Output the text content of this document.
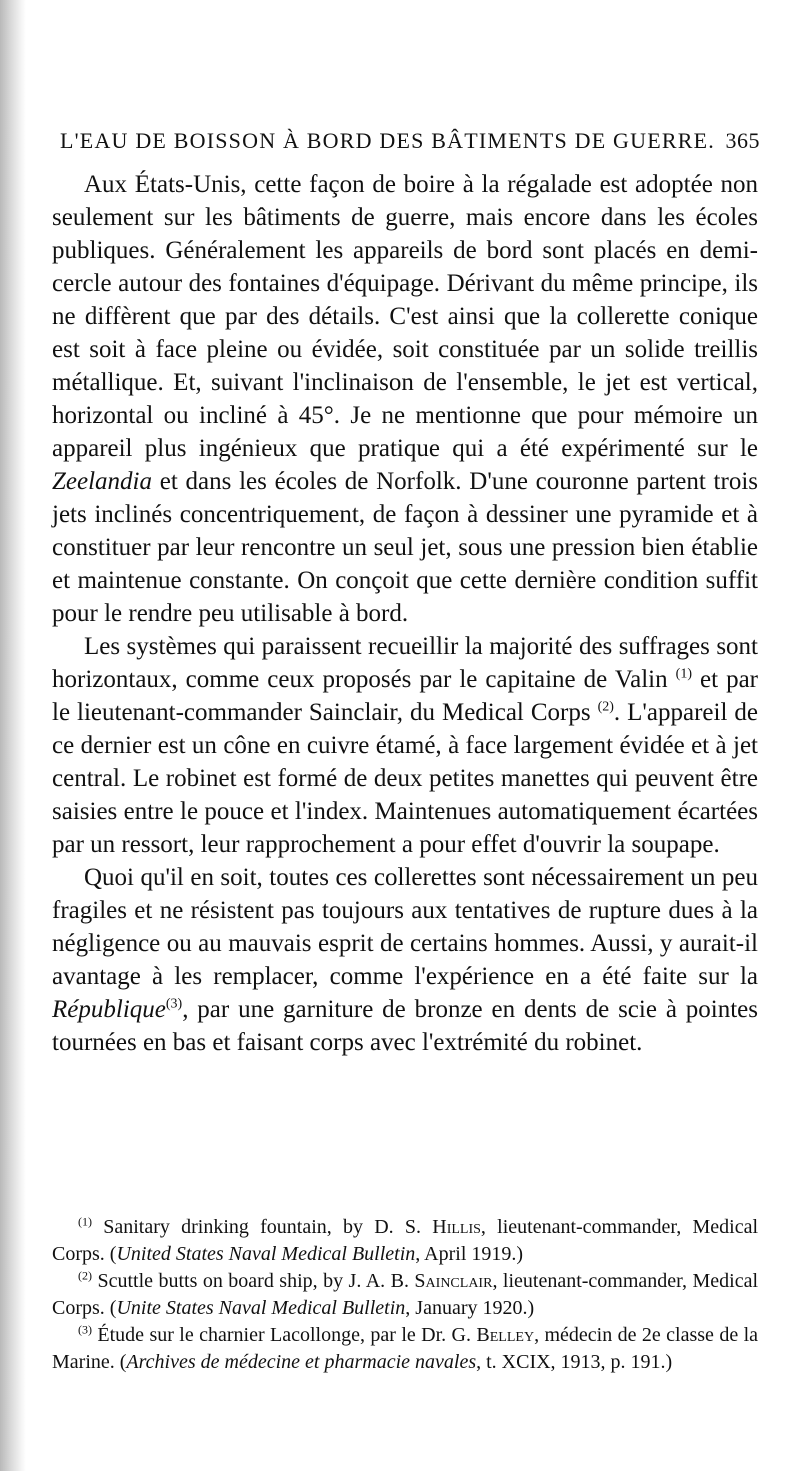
L'EAU DE BOISSON À BORD DES BÂTIMENTS DE GUERRE. 365

Aux États-Unis, cette façon de boire à la régalade est adoptée non seulement sur les bâtiments de guerre, mais encore dans les écoles publiques. Généralement les appareils de bord sont placés en demi-cercle autour des fontaines d'équipage. Dérivant du même principe, ils ne diffèrent que par des détails. C'est ainsi que la collerette conique est soit à face pleine ou évidée, soit constituée par un solide treillis métallique. Et, suivant l'inclinaison de l'ensemble, le jet est vertical, horizontal ou incliné à 45°. Je ne mentionne que pour mémoire un appareil plus ingénieux que pratique qui a été expérimenté sur le Zeelandia et dans les écoles de Norfolk. D'une couronne partent trois jets inclinés concentriquement, de façon à dessiner une pyramide et à constituer par leur rencontre un seul jet, sous une pression bien établie et maintenue constante. On conçoit que cette dernière condition suffit pour le rendre peu utilisable à bord.

Les systèmes qui paraissent recueillir la majorité des suffrages sont horizontaux, comme ceux proposés par le capitaine de Valin $^{(1)}$ et par le lieutenant-commander Sainclair, du Medical Corps $^{(2)}$. L'appareil de ce dernier est un cône en cuivre étamé, à face largement évidée et à jet central. Le robinet est formé de deux petites manettes qui peuvent être saisies entre le pouce et l'index. Maintenues automatiquement écartées par un ressort, leur rapprochement a pour effet d'ouvrir la soupape.

Quoi qu'il en soit, toutes ces collerettes sont nécessairement un peu fragiles et ne résistent pas toujours aux tentatives de rupture dues à la négligence ou au mauvais esprit de certains hommes. Aussi, y aurait-il avantage à les remplacer, comme l'expérience en a été faite sur la République$^{(3)}$, par une garniture de bronze en dents de scie à pointes tournées en bas et faisant corps avec l'extrémité du robinet.

$^{(1)}$ Sanitary drinking fountain, by D. S. Hillis, lieutenant-commander, Medical Corps. (United States Naval Medical Bulletin, April 1919.)

$^{(2)}$ Scuttle butts on board ship, by J. A. B. Sainclair, lieutenant-commander, Medical Corps. (Unite States Naval Medical Bulletin, January 1920.)

$^{(3)}$ Étude sur le charnier Lacollonge, par le Dr. G. Belley, médecin de 2e classe de la Marine. (Archives de médecine et pharmacie navales, t. XCIX, 1913, p. 191.)
